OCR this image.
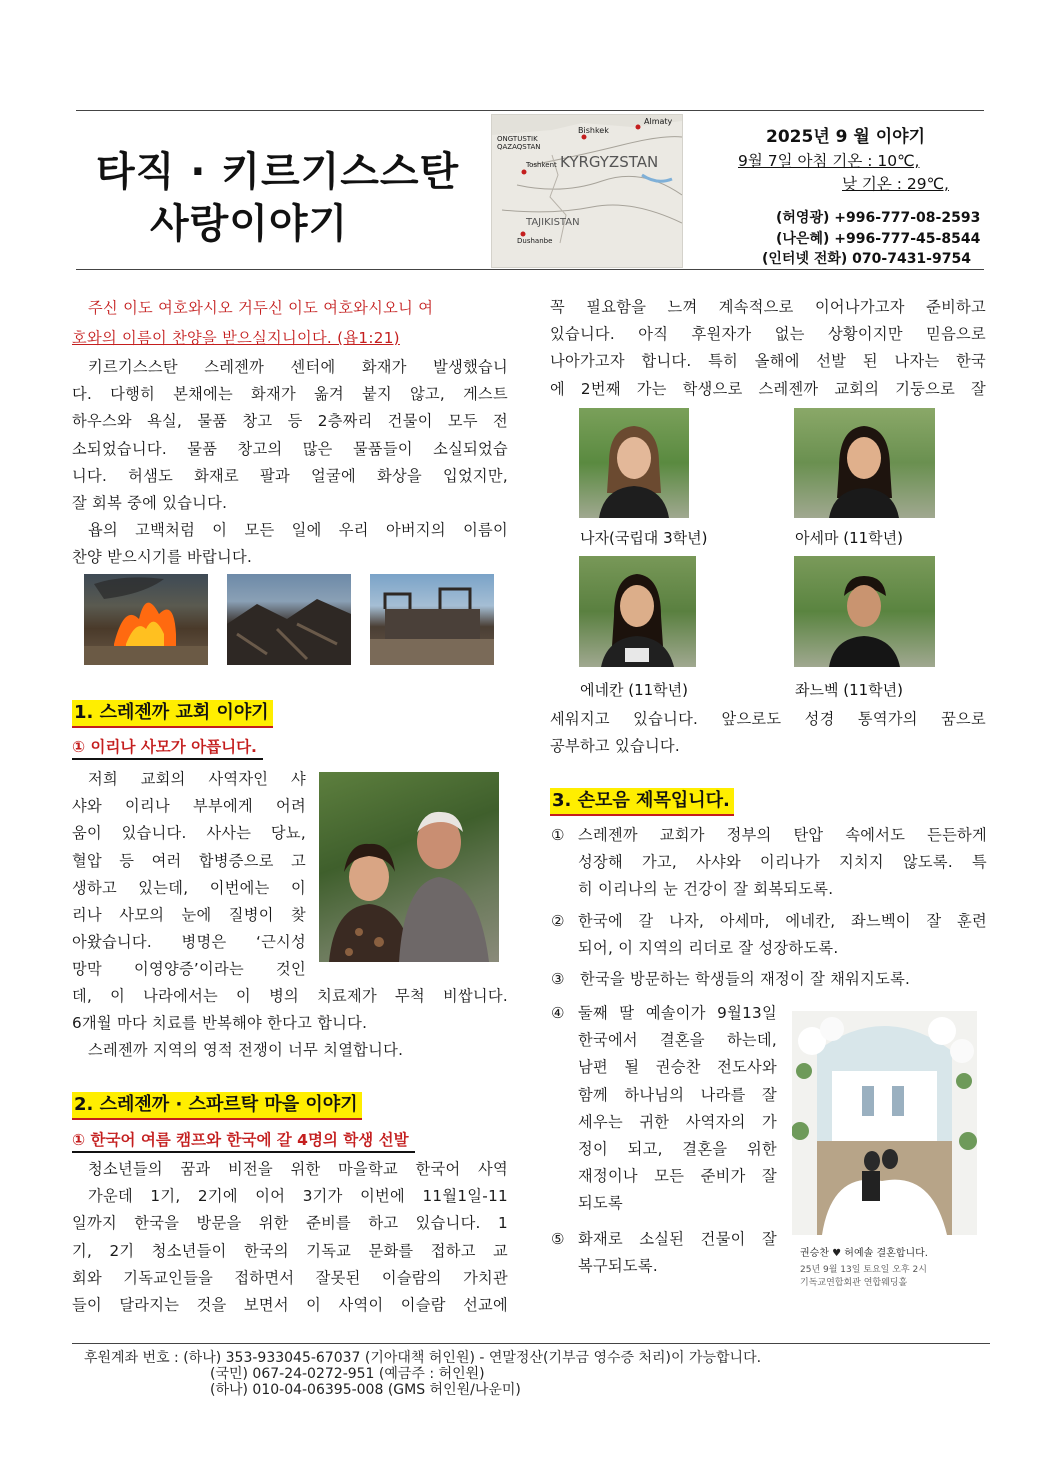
타직 · 키르기스스탄
사랑이야기
Almaty
Bishkek
ONGTUSTIK
QAZAQSTAN
KYRGYZSTAN
Toshkent
TAJIKISTAN
Dushanbe
2025년 9 월 이야기
9월 7일 아침 기온 : 10℃,
낮 기온 : 29℃,
(허영광) +996-777-08-2593
(나은혜) +996-777-45-8544
(인터넷 전화) 070-7431-9754
주신 이도 여호와시오 거두신 이도 여호와시오니 여
호와의 이름이 찬양을 받으실지니이다. (욥1:21)
키르기스스탄 스레젠까 센터에 화재가 발생했습니
다. 다행히 본채에는 화재가 옮겨 붙지 않고, 게스트
하우스와 욕실, 물품 창고 등 2층짜리 건물이 모두 전
소되었습니다. 물품 창고의 많은 물품들이 소실되었습
니다. 허샘도 화재로 팔과 얼굴에 화상을 입었지만,
잘 회복 중에 있습니다.
욥의 고백처럼 이 모든 일에 우리 아버지의 이름이
찬양 받으시기를 바랍니다.
1. 스레젠까 교회 이야기
① 이리나 사모가 아픕니다.
저희 교회의 사역자인 샤
샤와 이리나 부부에게 어려
움이 있습니다. 사사는 당뇨,
혈압 등 여러 합병증으로 고
생하고 있는데, 이번에는 이
리나 사모의 눈에 질병이 찾
아왔습니다. 병명은 ‘근시성
망막 이영양증’이라는 것인
데, 이 나라에서는 이 병의 치료제가 무척 비쌉니다.
6개월 마다 치료를 반복해야 한다고 합니다.
스레젠까 지역의 영적 전쟁이 너무 치열합니다.
2. 스레젠까 · 스파르탁 마을 이야기
① 한국어 여름 캠프와 한국에 갈 4명의 학생 선발
청소년들의 꿈과 비전을 위한 마을학교 한국어 사역
가운데 1기, 2기에 이어 3기가 이번에 11월1일-11
일까지 한국을 방문을 위한 준비를 하고 있습니다. 1
기, 2기 청소년들이 한국의 기독교 문화를 접하고 교
회와 기독교인들을 접하면서 잘못된 이슬람의 가치관
들이 달라지는 것을 보면서 이 사역이 이슬람 선교에
꼭 필요함을 느껴 계속적으로 이어나가고자 준비하고
있습니다. 아직 후원자가 없는 상황이지만 믿음으로
나아가고자 합니다. 특히 올해에 선발 된 나자는 한국
에 2번째 가는 학생으로 스레젠까 교회의 기둥으로 잘
나자(국립대 3학년)	아세마 (11학년)
에네칸 (11학년)	좌느벡 (11학년)
세워지고 있습니다. 앞으로도 성경 통역가의 꿈으로
공부하고 있습니다.
3. 손모음 제목입니다.
① 스레젠까 교회가 정부의 탄압 속에서도 든든하게
성장해 가고, 사샤와 이리나가 지치지 않도록. 특
히 이리나의 눈 건강이 잘 회복되도록.
② 한국에 갈 나자, 아세마, 에네칸, 좌느벡이 잘 훈련
되어, 이 지역의 리더로 잘 성장하도록.
③ 한국을 방문하는 학생들의 재정이 잘 채워지도록.
④ 둘째 딸 예솔이가 9월13일
한국에서 결혼을 하는데,
남편 될 권승찬 전도사와
함께 하나님의 나라를 잘
세우는 귀한 사역자의 가
정이 되고, 결혼을 위한
재정이나 모든 준비가 잘
되도록
⑤ 화재로 소실된 건물이 잘
복구되도록.
권승찬 ♥ 허예솔 결혼합니다.
25년 9월 13일 토요일 오후 2시
기독교연합회관 연합웨딩홀
후원계좌 번호 : (하나) 353-933045-67037 (기아대책 허인원) - 연말정산(기부금 영수증 처리)이 가능합니다.
(국민) 067-24-0272-951 (예금주 : 허인원)
(하나) 010-04-06395-008 (GMS 허인원/나운미)
